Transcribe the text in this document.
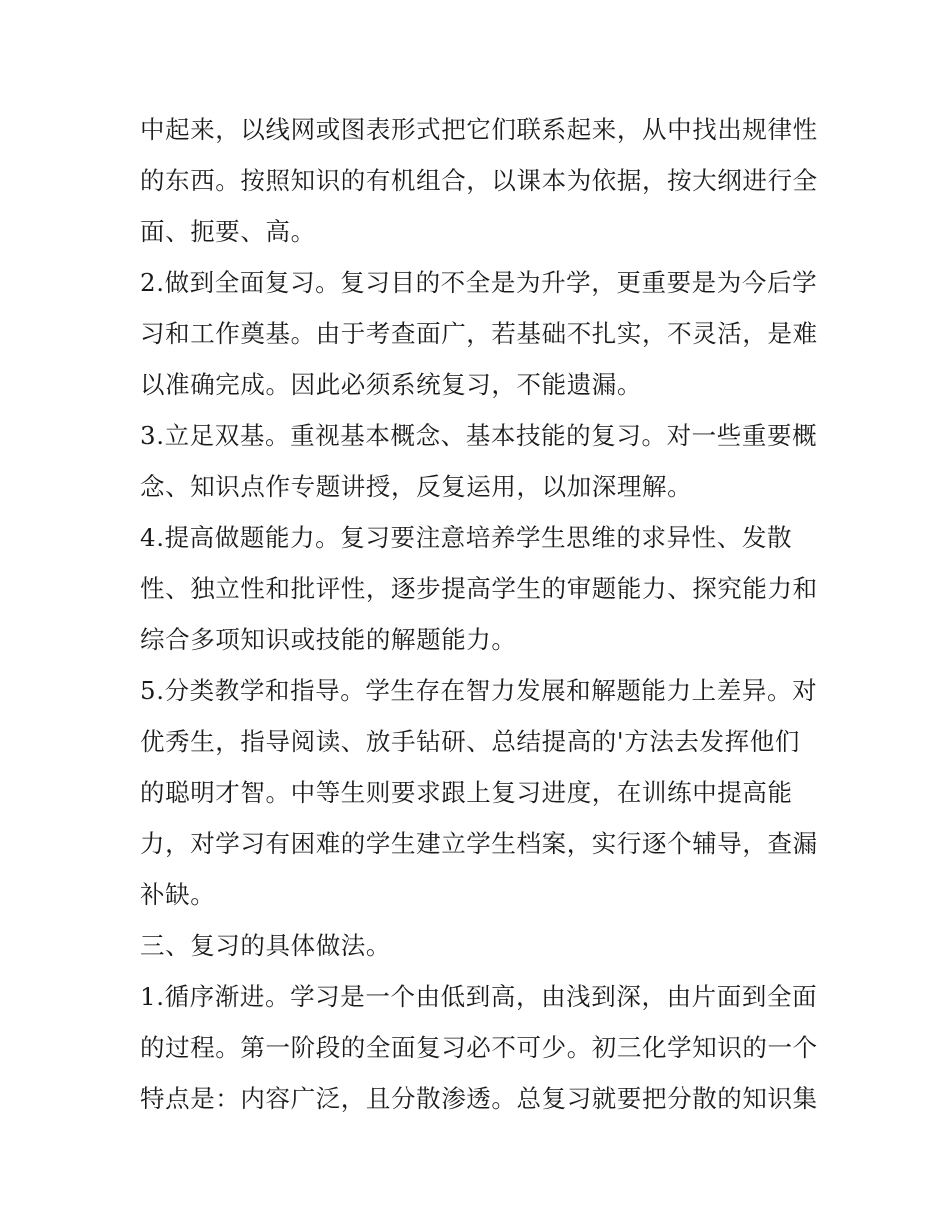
中起来，以线网或图表形式把它们联系起来，从中找出规律性
的东西。按照知识的有机组合，以课本为依据，按大纲进行全
面、扼要、高。
2.做到全面复习。复习目的不全是为升学，更重要是为今后学
习和工作奠基。由于考查面广，若基础不扎实，不灵活，是难
以准确完成。因此必须系统复习，不能遗漏。
3.立足双基。重视基本概念、基本技能的复习。对一些重要概
念、知识点作专题讲授，反复运用，以加深理解。
4.提高做题能力。复习要注意培养学生思维的求异性、发散
性、独立性和批评性，逐步提高学生的审题能力、探究能力和
综合多项知识或技能的解题能力。
5.分类教学和指导。学生存在智力发展和解题能力上差异。对
优秀生，指导阅读、放手钻研、总结提高的'方法去发挥他们
的聪明才智。中等生则要求跟上复习进度，在训练中提高能
力，对学习有困难的学生建立学生档案，实行逐个辅导，查漏
补缺。
三、复习的具体做法。
1.循序渐进。学习是一个由低到高，由浅到深，由片面到全面
的过程。第一阶段的全面复习必不可少。初三化学知识的一个
特点是：内容广泛，且分散渗透。总复习就要把分散的知识集
